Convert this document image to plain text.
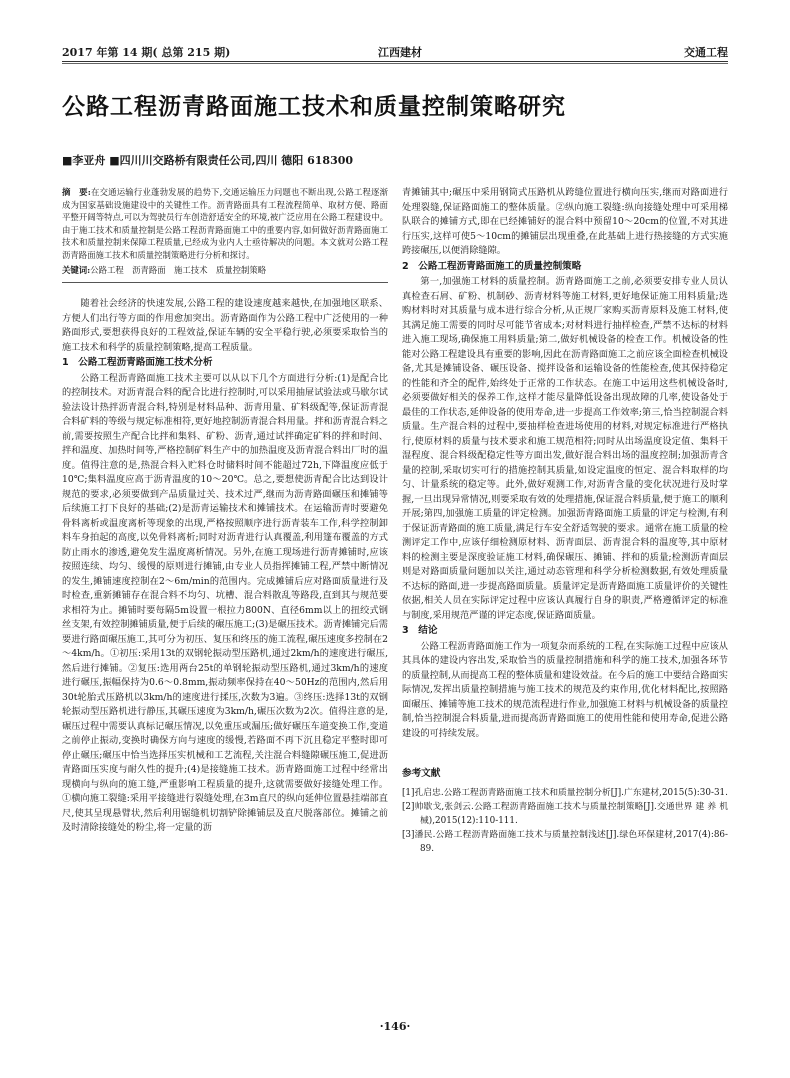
2017 年第 14 期( 总第 215 期)	江西建材	交通工程
公路工程沥青路面施工技术和质量控制策略研究
■李亚舟 ■四川川交路桥有限责任公司,四川 德阳 618300
摘　要:在交通运输行业蓬勃发展的趋势下,交通运输压力问题也不断出现,公路工程逐渐成为国家基础设施建设中的关键性工作。沥青路面具有工程流程简单、取材方便、路面平整开阔等特点,可以为驾驶员行车创造舒适安全的环境,被广泛应用在公路工程建设中。由于施工技术和质量控制是公路工程沥青路面施工中的重要内容,如何做好沥青路面施工技术和质量控制来保障工程质量,已经成为业内人士亟待解决的问题。本文就对公路工程沥青路面施工技术和质量控制策略进行分析和探讨。
关键词:公路工程　沥青路面　施工技术　质量控制策略

随着社会经济的快速发展,公路工程的建设速度越来越快,在加强地区联系、方便人们出行等方面的作用愈加突出。沥青路面作为公路工程中广泛使用的一种路面形式,要想获得良好的工程效益,保证车辆的安全平稳行驶,必须要采取恰当的施工技术和科学的质量控制策略,提高工程质量。

1　公路工程沥青路面施工技术分析

公路工程沥青路面施工技术主要可以从以下几个方面进行分析:(1)是配合比的控制技术。对沥青混合料的配合比进行控制时,可以采用抽屉试验法或马歇尔试验法设计热拌沥青混合料,特别是材料品种、沥青用量、矿料级配等,保证沥青混合料矿料的等级与规定标准相符,更好地控制沥青混合料用量。拌和沥青混合料之前,需要按照生产配合比拌和集料、矿粉、沥青,通过试拌确定矿料的拌和时间、拌和温度、加热时间等,严格控制矿料生产中的加热温度及沥青混合料出厂时的温度。值得注意的是,热混合料入贮料仓时储料时间不能超过72h,下降温度应低于10℃;集料温度应高于沥青温度的10～20℃。总之,要想使沥青配合比达到设计规范的要求,必须要做到产品质量过关、技术过严,继而为沥青路面碾压和摊铺等后续施工打下良好的基础;(2)是沥青运输技术和摊铺技术。在运输沥青时要避免骨料离析或温度离析等现象的出现,严格按照顺序进行沥青装车工作,科学控制卸料车身拍起的高度,以免骨料离析;同时对沥青进行认真覆盖,利用篷布覆盖的方式防止雨水的渗透,避免发生温度离析情况。另外,在施工现场进行沥青摊铺时,应该按照连续、均匀、缓慢的原则进行摊铺,由专业人员指挥摊铺工程,严禁中断情况的发生,摊铺速度控制在2～6m/min的范围内。完成摊铺后应对路面质量进行及时检查,重新摊铺存在混合料不均匀、坑槽、混合料散乱等路段,直到其与规范要求相符为止。摊铺时要每隔5m设置一根拉力800N、直径6mm以上的扭绞式钢丝支架,有效控制摊铺质量,便于后续的碾压施工;(3)是碾压技术。沥青摊铺完后需要进行路面碾压施工,其可分为初压、复压和终压的施工流程,碾压速度多控制在2～4km/h。①初压:采用13t的双钢轮振动型压路机,通过2km/h的速度进行碾压,然后进行摊铺。②复压:选用两台25t的单钢轮振动型压路机,通过3km/h的速度进行碾压,振幅保持为0.6～0.8mm,振动频率保持在40～50Hz的范围内,然后用30t轮胎式压路机以3km/h的速度进行揉压,次数为3遍。③终压:选择13t的双钢轮振动型压路机进行静压,其碾压速度为3km/h,碾压次数为2次。值得注意的是,碾压过程中需要认真标记碾压情况,以免重压或漏压;做好碾压车道变换工作,变道之前停止振动,变换时确保方向与速度的缓慢,若路面不再下沉且稳定平整时即可停止碾压;碾压中恰当选择压实机械和工艺流程,关注混合料缝隙碾压施工,促进沥青路面压实度与耐久性的提升;(4)是接缝施工技术。沥青路面施工过程中经常出现横向与纵向的施工缝,严重影响工程质量的提升,这就需要做好接缝处理工作。①横向施工裂缝:采用平接缝进行裂缝处理,在3m直尺的纵向延伸位置悬挂端部直尺,使其呈现悬臂状,然后利用锯缝机切割铲除摊铺层及直尺脱落部位。摊铺之前及时清除接缝处的粉尘,将一定量的沥

青摊铺其中;碾压中采用钢筒式压路机从跨缝位置进行横向压实,继而对路面进行处理裂缝,保证路面施工的整体质量。②纵向施工裂缝:纵向接缝处理中可采用梯队联合的摊铺方式,即在已经摊铺好的混合料中预留10～20cm的位置,不对其进行压实,这样可使5～10cm的摊铺层出现重叠,在此基础上进行热接缝的方式实施跨接碾压,以便消除缝隙。

2　公路工程沥青路面施工的质量控制策略

第一,加强施工材料的质量控制。沥青路面施工之前,必须要安排专业人员认真检查石屑、矿粉、机制砂、沥青材料等施工材料,更好地保证施工用料质量;选购材料时对其质量与成本进行综合分析,从正规厂家购买沥青原料及施工材料,使其满足施工需要的同时尽可能节省成本;对材料进行抽样检查,严禁不达标的材料进入施工现场,确保施工用料质量;第二,做好机械设备的检查工作。机械设备的性能对公路工程建设具有重要的影响,因此在沥青路面施工之前应该全面检查机械设备,尤其是摊铺设备、碾压设备、搅拌设备和运输设备的性能检查,使其保持稳定的性能和齐全的配件,始终处于正常的工作状态。在施工中运用这些机械设备时,必须要做好相关的保养工作,这样才能尽量降低设备出现故障的几率,使设备处于最佳的工作状态,延伸设备的使用寿命,进一步提高工作效率;第三,恰当控制混合料质量。生产混合料的过程中,要抽样检查进场使用的材料,对规定标准进行严格执行,使原材料的质量与技术要求和施工规范相符;同时从出场温度设定值、集料干湿程度、混合料级配稳定性等方面出发,做好混合料出场的温度控制;加强沥青含量的控制,采取切实可行的措施控制其质量,如设定温度的恒定、混合料取样的均匀、计量系统的稳定等。此外,做好观测工作,对沥青含量的变化状况进行及时掌握,一旦出现异常情况,则要采取有效的处理措施,保证混合料质量,便于施工的顺利开展;第四,加强施工质量的评定检测。加强沥青路面施工质量的评定与检测,有利于保证沥青路面的施工质量,满足行车安全舒适驾驶的要求。通常在施工质量的检测评定工作中,应该仔细检测原材料、沥青面层、沥青混合料的温度等,其中原材料的检测主要是深度验证施工材料,确保碾压、摊铺、拌和的质量;检测沥青面层则是对路面质量问题加以关注,通过动态管理和科学分析检测数据,有效处理质量不达标的路面,进一步提高路面质量。质量评定是沥青路面施工质量评价的关键性依据,相关人员在实际评定过程中应该认真履行自身的职责,严格遵循评定的标准与制度,采用规范严谨的评定态度,保证路面质量。

3　结论

公路工程沥青路面施工作为一项复杂而系统的工程,在实际施工过程中应该从其具体的建设内容出发,采取恰当的质量控制措施和科学的施工技术,加强各环节的质量控制,从而提高工程的整体质量和建设效益。在今后的施工中要结合路面实际情况,发挥出质量控制措施与施工技术的规范及约束作用,优化材料配比,按照路面碾压、摊铺等施工技术的规范流程进行作业,加强施工材料与机械设备的质量控制,恰当控制混合料质量,进而提高沥青路面施工的使用性能和使用寿命,促进公路建设的可持续发展。

参考文献

[1]孔启忠.公路工程沥青路面施工技术和质量控制分析[J].广东建材,2015(5):30-31.

[2]帅歇戈,张剑云.公路工程沥青路面施工技术与质量控制策略[J].交通世界 建 养 机械),2015(12):110-111.

[3]潘民.公路工程沥青路面施工技术与质量控制浅述[J].绿色环保建材,2017(4):86-89.

·146·
